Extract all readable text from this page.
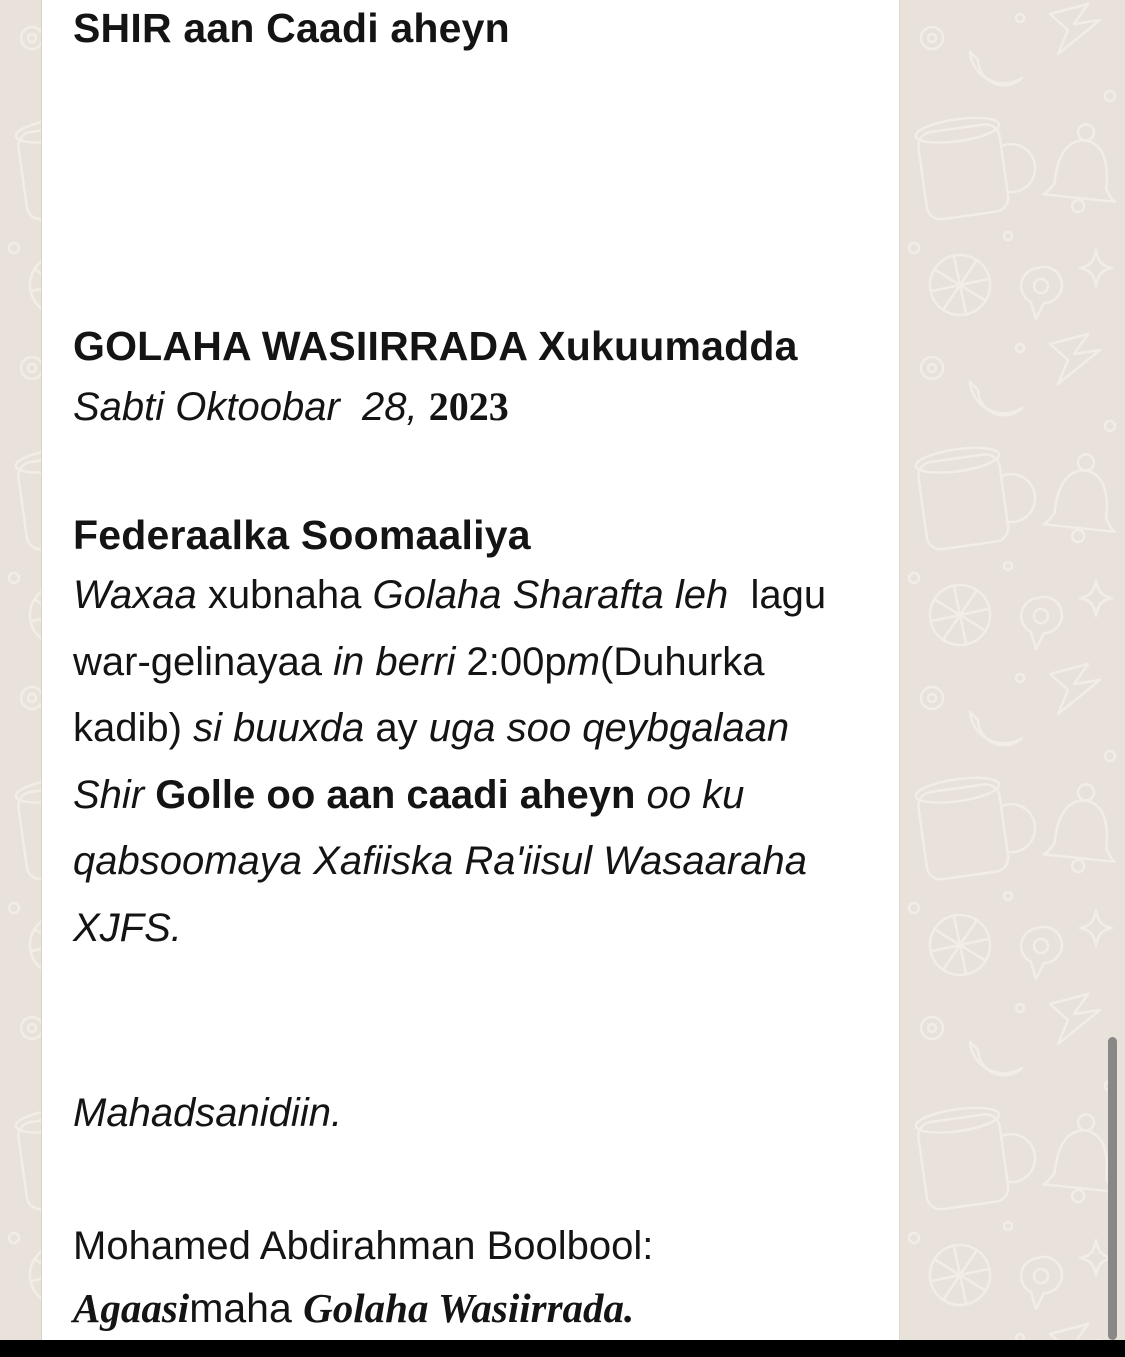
SHIR aan Caadi aheyn

GOLAHA WASIIRRADA Xukuumadda

Federaalka Soomaaliya

Sabti Oktoobar  28, 2023
Waxaa xubnaha Golaha Sharafta leh  lagu
war-gelinayaa in berri 2:00pm(Duhurka
kadib) si buuxda ay uga soo qeybgalaan
Shir Golle oo aan caadi aheyn oo ku
qabsoomaya Xafiiska Ra'iisul Wasaaraha
XJFS.
Mahadsanidiin.
Mohamed Abdirahman Boolbool:
Agaasimaha Golaha Wasiirrada.
